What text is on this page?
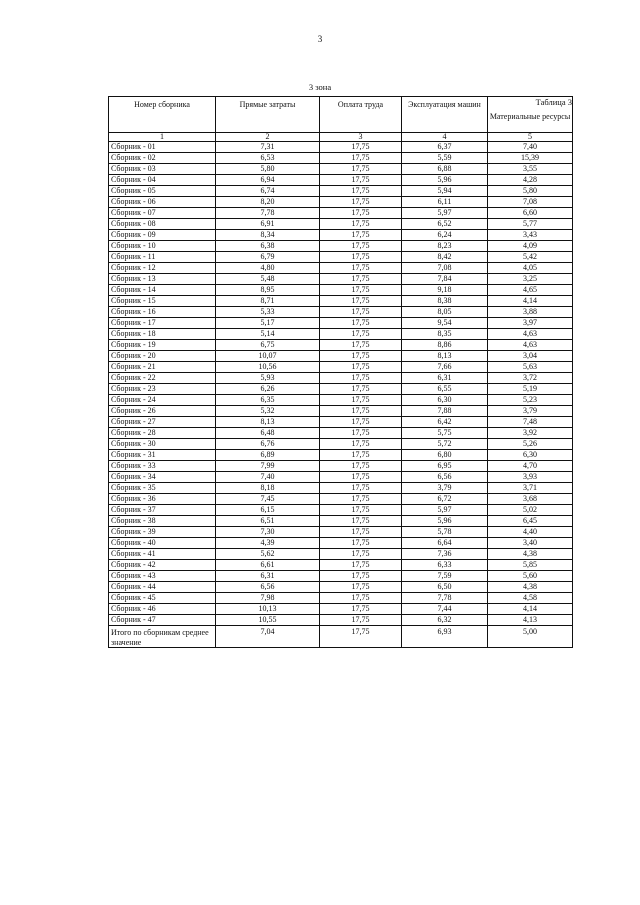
3
3 зона
Таблица 3
Номер сборника	Прямые затраты	Оплата труда	Эксплуатация машин	Материальные ресурсы
1	2	3	4	5
Сборник - 01	7,31	17,75	6,37	7,40
Сборник - 02	6,53	17,75	5,59	15,39
Сборник - 03	5,80	17,75	6,88	3,55
Сборник - 04	6,94	17,75	5,96	4,28
Сборник - 05	6,74	17,75	5,94	5,80
Сборник - 06	8,20	17,75	6,11	7,08
Сборник - 07	7,78	17,75	5,97	6,60
Сборник - 08	6,91	17,75	6,52	5,77
Сборник - 09	8,34	17,75	6,24	3,43
Сборник - 10	6,38	17,75	8,23	4,09
Сборник - 11	6,79	17,75	8,42	5,42
Сборник - 12	4,80	17,75	7,08	4,05
Сборник - 13	5,48	17,75	7,84	3,25
Сборник - 14	8,95	17,75	9,18	4,65
Сборник - 15	8,71	17,75	8,38	4,14
Сборник - 16	5,33	17,75	8,05	3,88
Сборник - 17	5,17	17,75	9,54	3,97
Сборник - 18	5,14	17,75	8,35	4,63
Сборник - 19	6,75	17,75	8,86	4,63
Сборник - 20	10,07	17,75	8,13	3,04
Сборник - 21	10,56	17,75	7,66	5,63
Сборник - 22	5,93	17,75	6,31	3,72
Сборник - 23	6,26	17,75	6,55	5,19
Сборник - 24	6,35	17,75	6,30	5,23
Сборник - 26	5,32	17,75	7,88	3,79
Сборник - 27	8,13	17,75	6,42	7,48
Сборник - 28	6,48	17,75	5,75	3,92
Сборник - 30	6,76	17,75	5,72	5,26
Сборник - 31	6,89	17,75	6,80	6,30
Сборник - 33	7,99	17,75	6,95	4,70
Сборник - 34	7,40	17,75	6,56	3,93
Сборник - 35	8,18	17,75	3,79	3,71
Сборник - 36	7,45	17,75	6,72	3,68
Сборник - 37	6,15	17,75	5,97	5,02
Сборник - 38	6,51	17,75	5,96	6,45
Сборник - 39	7,30	17,75	5,78	4,40
Сборник - 40	4,39	17,75	6,64	3,40
Сборник - 41	5,62	17,75	7,36	4,38
Сборник - 42	6,61	17,75	6,33	5,85
Сборник - 43	6,31	17,75	7,59	5,60
Сборник - 44	6,56	17,75	6,50	4,38
Сборник - 45	7,98	17,75	7,78	4,58
Сборник - 46	10,13	17,75	7,44	4,14
Сборник - 47	10,55	17,75	6,32	4,13
Итого по сборникам среднее значение	7,04	17,75	6,93	5,00
